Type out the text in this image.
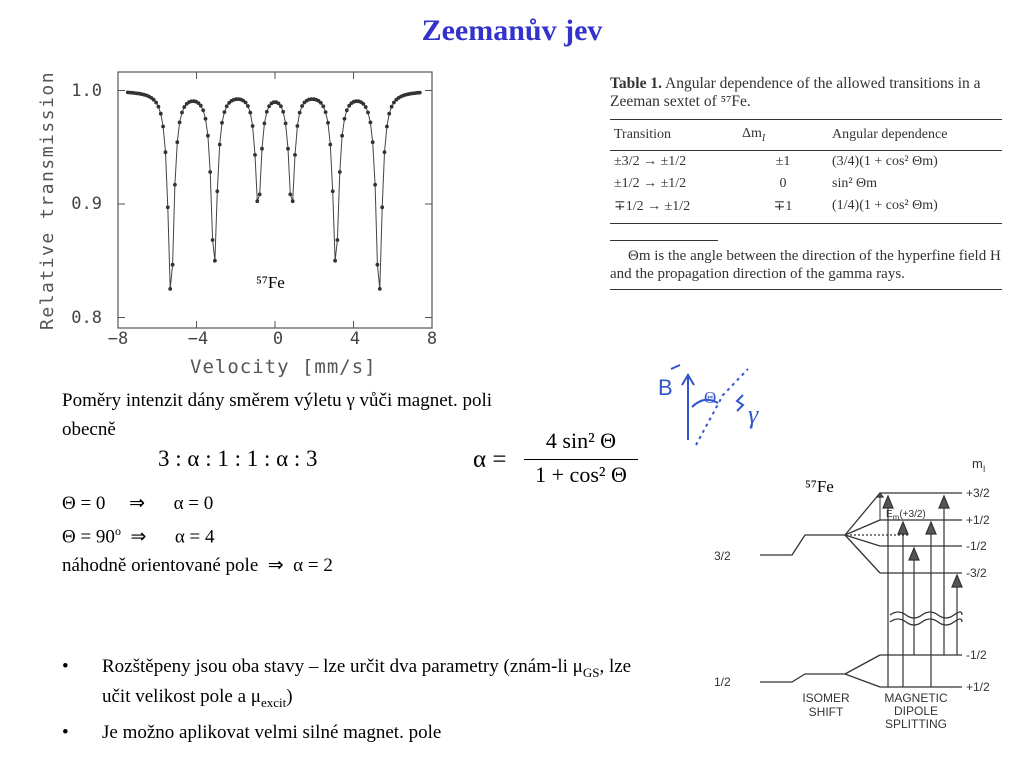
Zeemanův jev
Relative transmission
Velocity [mm/s]
⁵⁷Fe
−8	−4	0	4	8
1.0
0.9
0.8
Table 1. Angular dependence of the allowed transitions in a Zeeman sextet of ⁵⁷Fe.
Transition	$\Delta m_I$	Angular dependence
±3/2 → ±1/2	±1	(3/4)(1 + cos² Θm)
±1/2 → ±1/2	0	sin² Θm
∓1/2 → ±1/2	∓1	(1/4)(1 + cos² Θm)
Θm is the angle between the direction of the hyperfine field H and the propagation direction of the gamma rays.
Poměry intenzit dány směrem výletu γ vůči magnet. poli
obecně
3 : α : 1 : 1 : α : 3	α =
4 sin² Θ
1 + cos² Θ
Θ = 0     ⇒      α = 0
$\Theta = 90^o$  ⇒      α = 4
náhodně orientované pole  ⇒  α = 2
• Rozštěpeny jsou oba stavy – lze určit dva parametry (znám-li $\mu_{GS}$, lze učit velikost pole a $\mu_{excit}$)
• Je možno aplikovat velmi silné magnet. pole
B Θ
γ
⁵⁷Fe
$m_I$
$E_m(+3/2)$
+3/2
+1/2
-1/2
-3/2
-1/2
+1/2
3/2
1/2
ISOMER
SHIFT
MAGNETIC
DIPOLE
SPLITTING
